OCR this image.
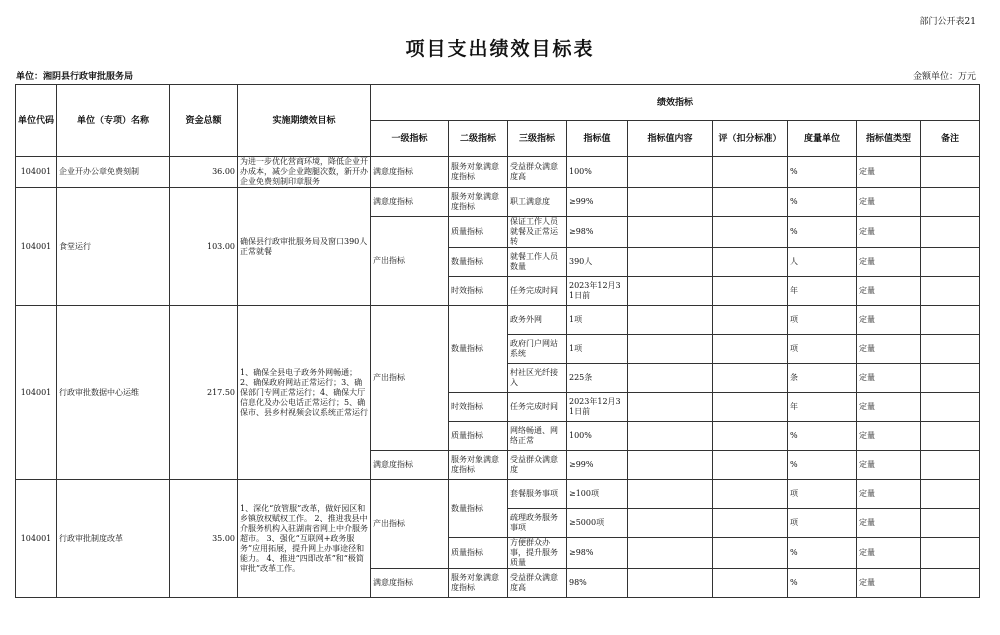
部门公开表21
项目支出绩效目标表
单位：湘阴县行政审批服务局	金额单位：万元
单位代码	单位（专项）名称	资金总额	实施期绩效目标	绩效指标								
				一级指标	二级指标	三级指标	指标值	指标值内容	评（扣分标准）	度量单位	指标值类型	备注
104001	企业开办公章免费刻制	36.00	为进一步优化营商环境，降低企业开办成本，减少企业跑腿次数，新开办企业免费刻制印章服务	满意度指标	服务对象满意度指标	受益群众满意度高	100%			%	定量	
104001	食堂运行	103.00	确保县行政审批服务局及窗口390人正常就餐	满意度指标	服务对象满意度指标	职工满意度	≥99%			%	定量	
				产出指标	质量指标	保证工作人员就餐及正常运转	≥98%			%	定量	
					数量指标	就餐工作人员数量	390人			人	定量	
					时效指标	任务完成时间	2023年12月31日前			年	定量	
104001	行政审批数据中心运维	217.50	1、确保全县电子政务外网畅通；2、确保政府网站正常运行；3、确保部门专网正常运行；4、确保大厅信息化及办公电话正常运行；5、确保市、县乡村视频会议系统正常运行	产出指标	数量指标	政务外网	1项			项	定量	
						政府门户网站系统	1项			项	定量	
						村社区光纤接入	225条			条	定量	
					时效指标	任务完成时间	2023年12月31日前			年	定量	
					质量指标	网络畅通、网络正常	100%			%	定量	
				满意度指标	服务对象满意度指标	受益群众满意度	≥99%			%	定量	
104001	行政审批制度改革	35.00	1、深化“放管服”改革，做好园区和乡镇放权赋权工作。 2、推进我县中介服务机构入驻湖南省网上中介服务超市。 3、强化“互联网+政务服务”应用拓展，提升网上办事途径和能力。 4、推进“四即改革”和“极简审批”改革工作。	产出指标	数量指标	套餐服务事项	≥100项			项	定量	
						疏理政务服务事项	≥5000项			项	定量	
					质量指标	方便群众办事，提升服务质量	≥98%			%	定量	
				满意度指标	服务对象满意度指标	受益群众满意度高	98%			%	定量	
